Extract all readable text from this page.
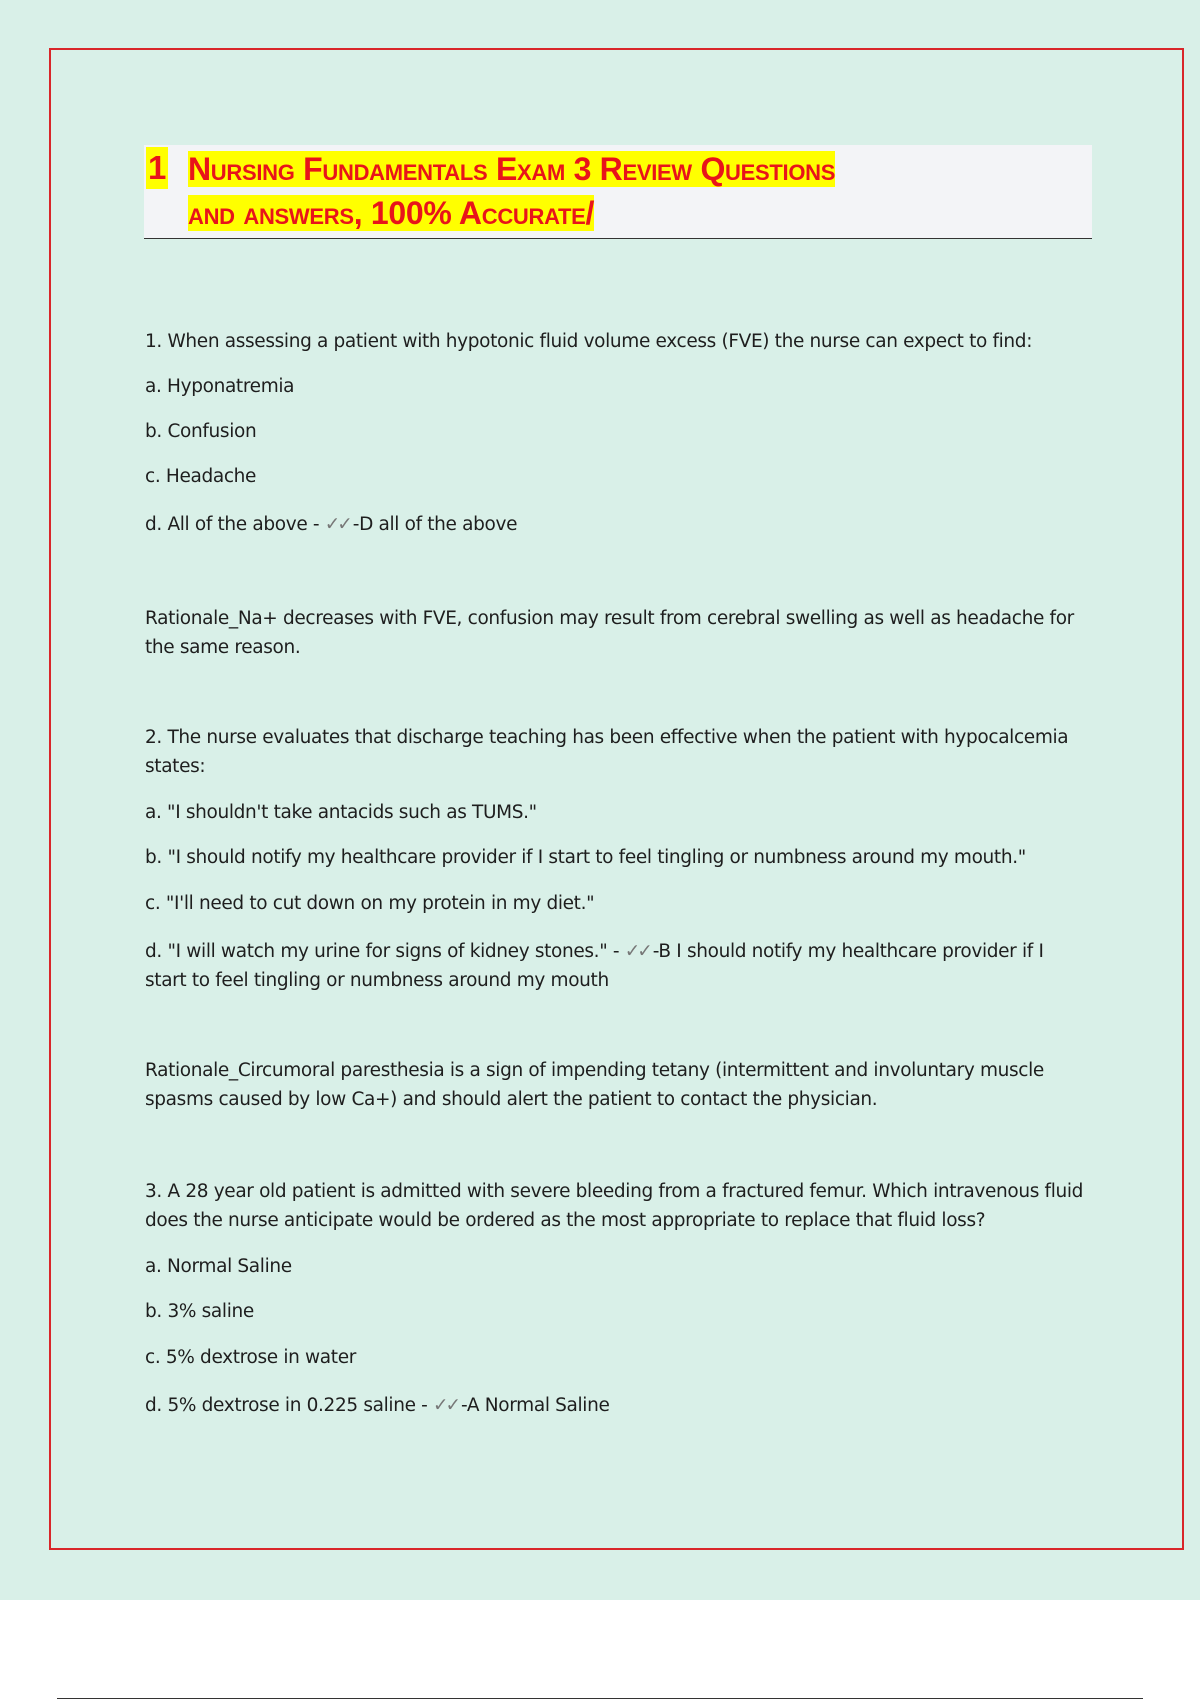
1 Nursing Fundamentals Exam 3 Review Questions
and answers, 100% Accurate/
1. When assessing a patient with hypotonic fluid volume excess (FVE) the nurse can expect to find:
a. Hyponatremia
b. Confusion
c. Headache
d. All of the above - ✓✓ -D all of the above
Rationale_Na+ decreases with FVE, confusion may result from cerebral swelling as well as headache for the same reason.
2. The nurse evaluates that discharge teaching has been effective when the patient with hypocalcemia states:
a. "I shouldn't take antacids such as TUMS."
b. "I should notify my healthcare provider if I start to feel tingling or numbness around my mouth."
c. "I'll need to cut down on my protein in my diet."
d. "I will watch my urine for signs of kidney stones." - ✓✓ -B I should notify my healthcare provider if I start to feel tingling or numbness around my mouth
Rationale_Circumoral paresthesia is a sign of impending tetany (intermittent and involuntary muscle spasms caused by low Ca+) and should alert the patient to contact the physician.
3. A 28 year old patient is admitted with severe bleeding from a fractured femur. Which intravenous fluid does the nurse anticipate would be ordered as the most appropriate to replace that fluid loss?
a. Normal Saline
b. 3% saline
c. 5% dextrose in water
d. 5% dextrose in 0.225 saline - ✓✓ -A Normal Saline
